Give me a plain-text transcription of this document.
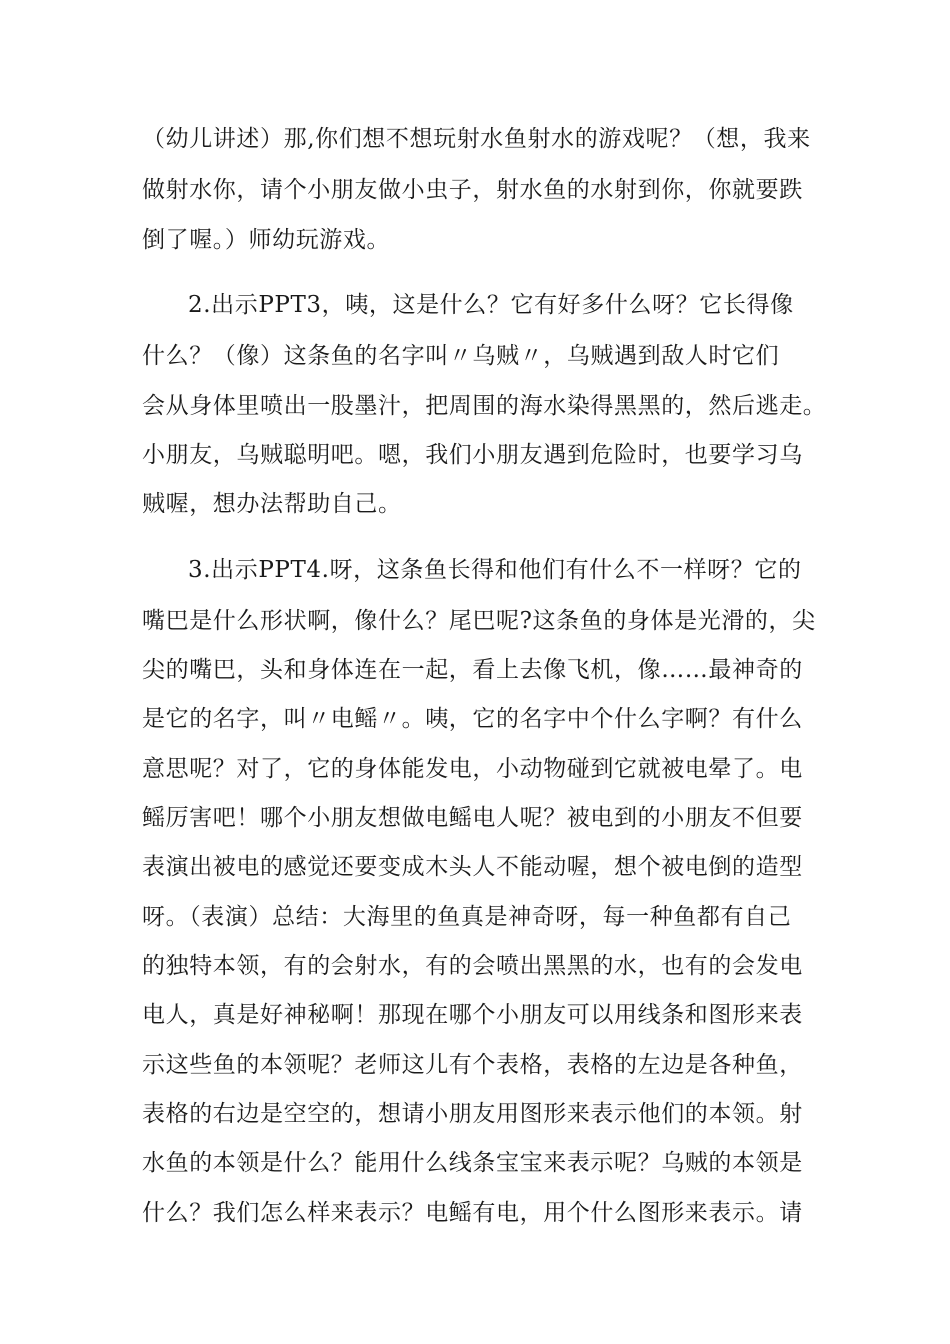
（幼儿讲述）那,你们想不想玩射水鱼射水的游戏呢？（想，我来
做射水你，请个小朋友做小虫子，射水鱼的水射到你，你就要跌
倒了喔。）师幼玩游戏。
2.出示PPT3，咦，这是什么？它有好多什么呀？它长得像
什么？（像）这条鱼的名字叫〃乌贼〃，乌贼遇到敌人时它们
会从身体里喷出一股墨汁，把周围的海水染得黑黑的，然后逃走。
小朋友，乌贼聪明吧。嗯，我们小朋友遇到危险时，也要学习乌
贼喔，想办法帮助自己。
3.出示PPT4.呀，这条鱼长得和他们有什么不一样呀？它的
嘴巴是什么形状啊，像什么？尾巴呢?这条鱼的身体是光滑的，尖
尖的嘴巴，头和身体连在一起，看上去像飞机，像……最神奇的
是它的名字，叫〃电鳐〃。咦，它的名字中个什么字啊？有什么
意思呢？对了，它的身体能发电，小动物碰到它就被电晕了。电
鳐厉害吧！哪个小朋友想做电鳐电人呢？被电到的小朋友不但要
表演出被电的感觉还要变成木头人不能动喔，想个被电倒的造型
呀。（表演）总结：大海里的鱼真是神奇呀，每一种鱼都有自己
的独特本领，有的会射水，有的会喷出黑黑的水，也有的会发电
电人，真是好神秘啊！那现在哪个小朋友可以用线条和图形来表
示这些鱼的本领呢？老师这儿有个表格，表格的左边是各种鱼，
表格的右边是空空的，想请小朋友用图形来表示他们的本领。射
水鱼的本领是什么？能用什么线条宝宝来表示呢？乌贼的本领是
什么？我们怎么样来表示？电鳐有电，用个什么图形来表示。请
